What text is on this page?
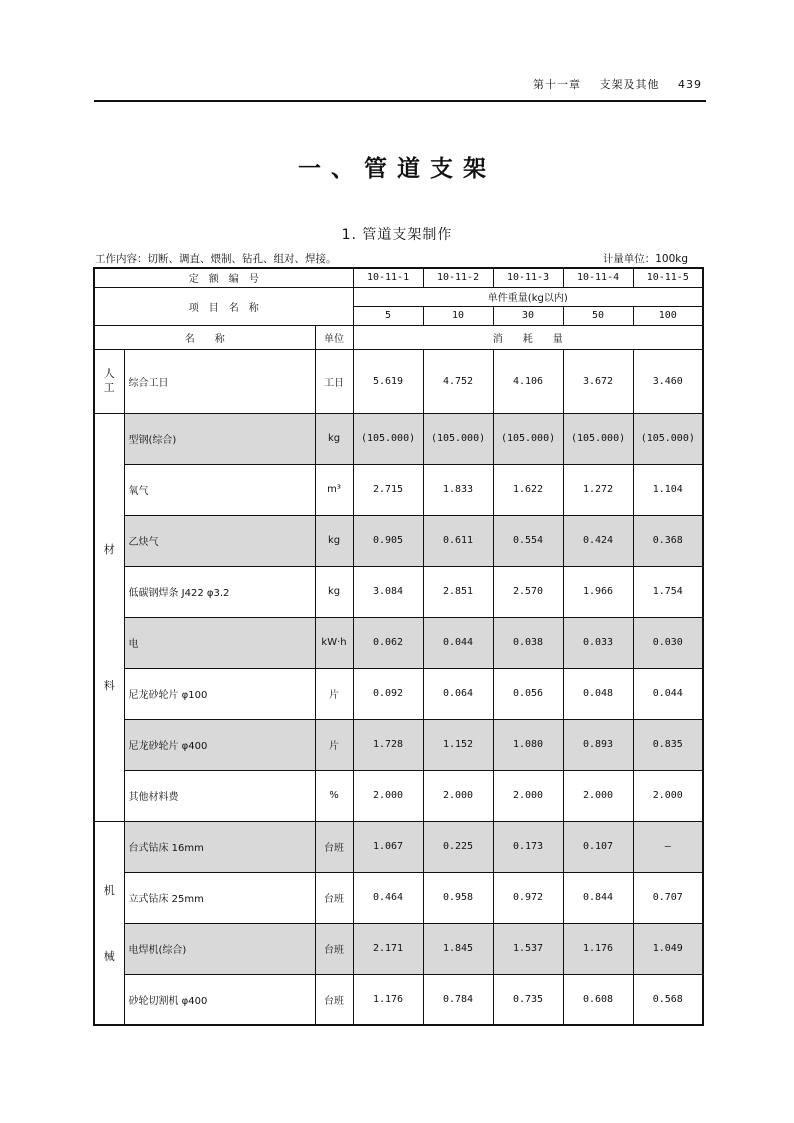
第十一章 支架及其他 439
一、管道支架
1. 管道支架制作
工作内容：切断、调直、煨制、钻孔、组对、焊接。	计量单位：100kg
定　额　编　号			10-11-1	10-11-2	10-11-3	10-11-4	10-11-5
项　目　名　称			单件重量(kg以内)				
			5	10	30	50	100
名　　称		单位	消　　耗　　量				
人工	综合工日	工日	5.619	4.752	4.106	3.672	3.460

材
料	型钢(综合)	kg	(105.000)	(105.000)	(105.000)	(105.000)	(105.000)
	氧气	m³	2.715	1.833	1.622	1.272	1.104
	乙炔气	kg	0.905	0.611	0.554	0.424	0.368
	低碳钢焊条 J422 φ3.2	kg	3.084	2.851	2.570	1.966	1.754
	电	kW·h	0.062	0.044	0.038	0.033	0.030
	尼龙砂轮片 φ100	片	0.092	0.064	0.056	0.048	0.044
	尼龙砂轮片 φ400	片	1.728	1.152	1.080	0.893	0.835
	其他材料费	%	2.000	2.000	2.000	2.000	2.000

机
械	台式钻床 16mm	台班	1.067	0.225	0.173	0.107	—
	立式钻床 25mm	台班	0.464	0.958	0.972	0.844	0.707
	电焊机(综合)	台班	2.171	1.845	1.537	1.176	1.049
	砂轮切割机 φ400	台班	1.176	0.784	0.735	0.608	0.568
